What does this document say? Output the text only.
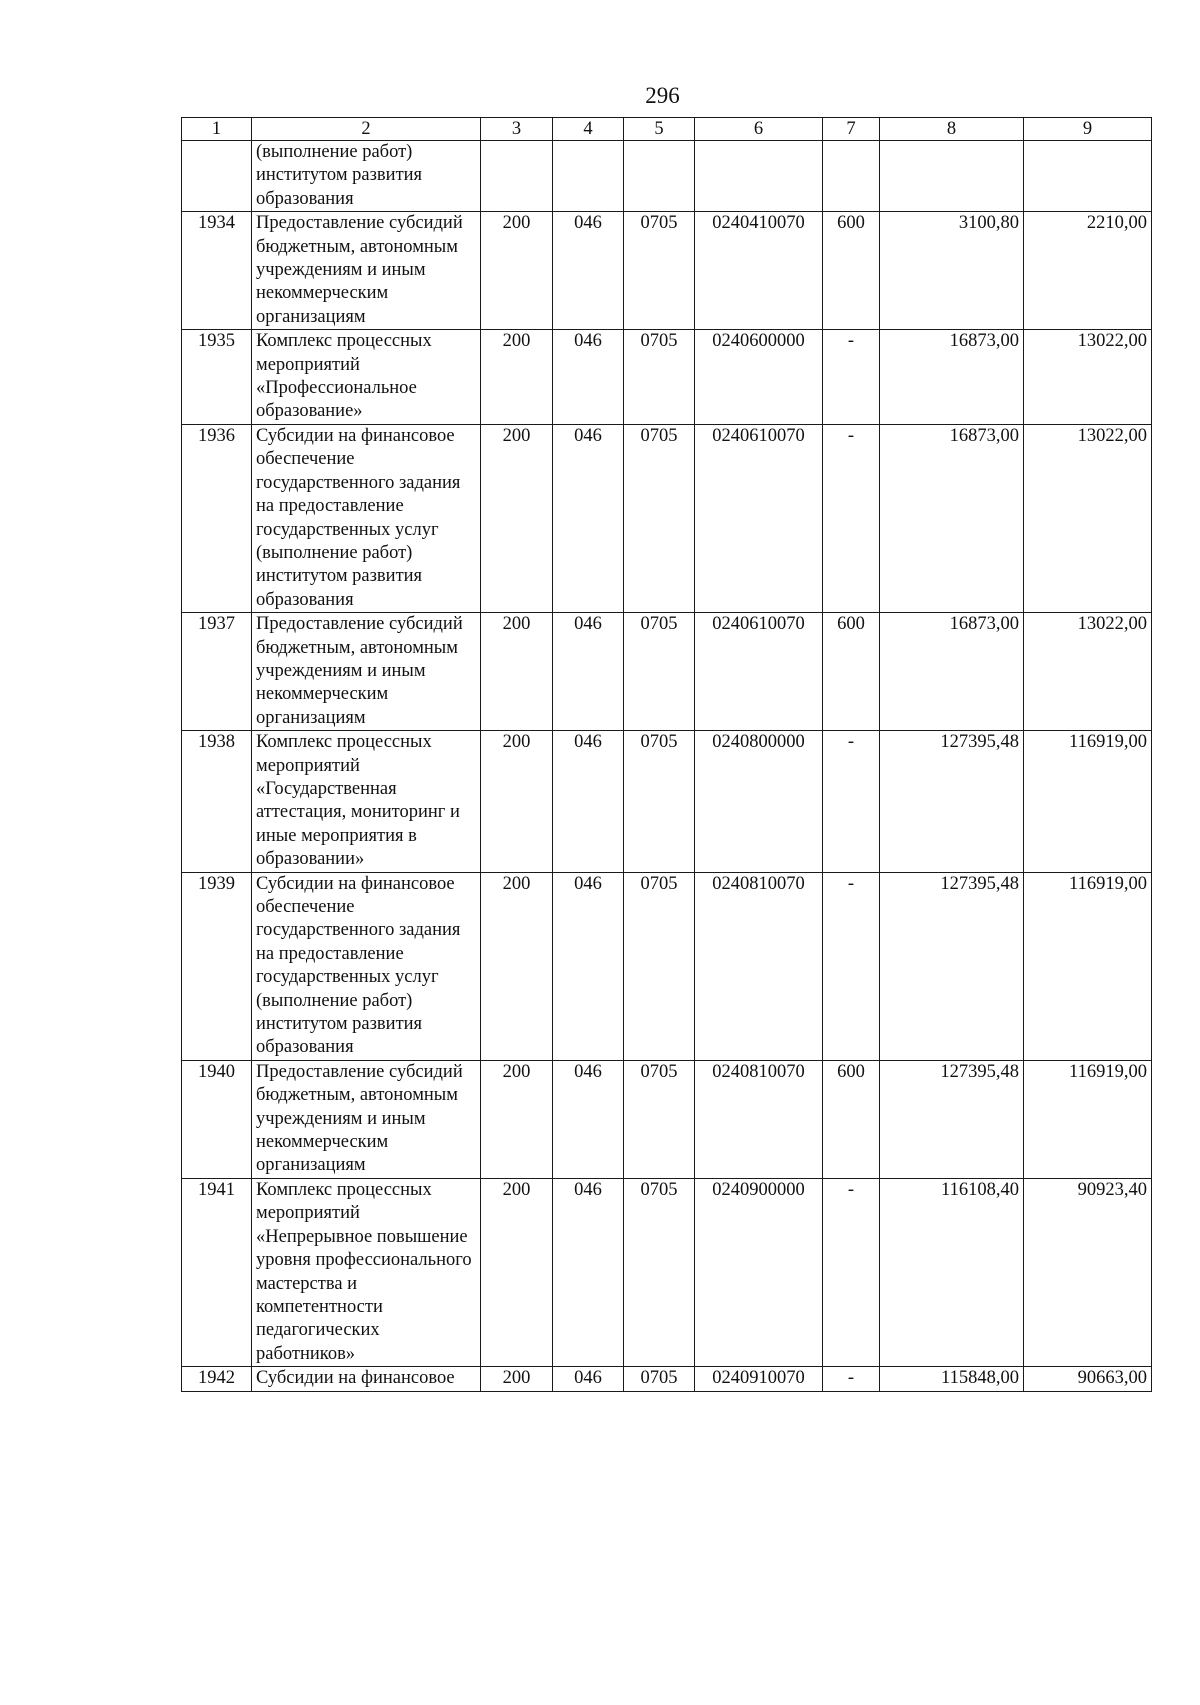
296
1	2	3	4	5	6	7	8	9
	(выполнение работ) институтом развития образования							
1934	Предоставление субсидий бюджетным, автономным учреждениям и иным некоммерческим организациям	200	046	0705	0240410070	600	3100,80	2210,00
1935	Комплекс процессных мероприятий «Профессиональное образование»	200	046	0705	0240600000	-	16873,00	13022,00
1936	Субсидии на финансовое обеспечение государственного задания на предоставление государственных услуг (выполнение работ) институтом развития образования	200	046	0705	0240610070	-	16873,00	13022,00
1937	Предоставление субсидий бюджетным, автономным учреждениям и иным некоммерческим организациям	200	046	0705	0240610070	600	16873,00	13022,00
1938	Комплекс процессных мероприятий «Государственная аттестация, мониторинг и иные мероприятия в образовании»	200	046	0705	0240800000	-	127395,48	116919,00
1939	Субсидии на финансовое обеспечение государственного задания на предоставление государственных услуг (выполнение работ) институтом развития образования	200	046	0705	0240810070	-	127395,48	116919,00
1940	Предоставление субсидий бюджетным, автономным учреждениям и иным некоммерческим организациям	200	046	0705	0240810070	600	127395,48	116919,00
1941	Комплекс процессных мероприятий «Непрерывное повышение уровня профессионального мастерства и компетентности педагогических работников»	200	046	0705	0240900000	-	116108,40	90923,40
1942	Субсидии на финансовое	200	046	0705	0240910070	-	115848,00	90663,00
